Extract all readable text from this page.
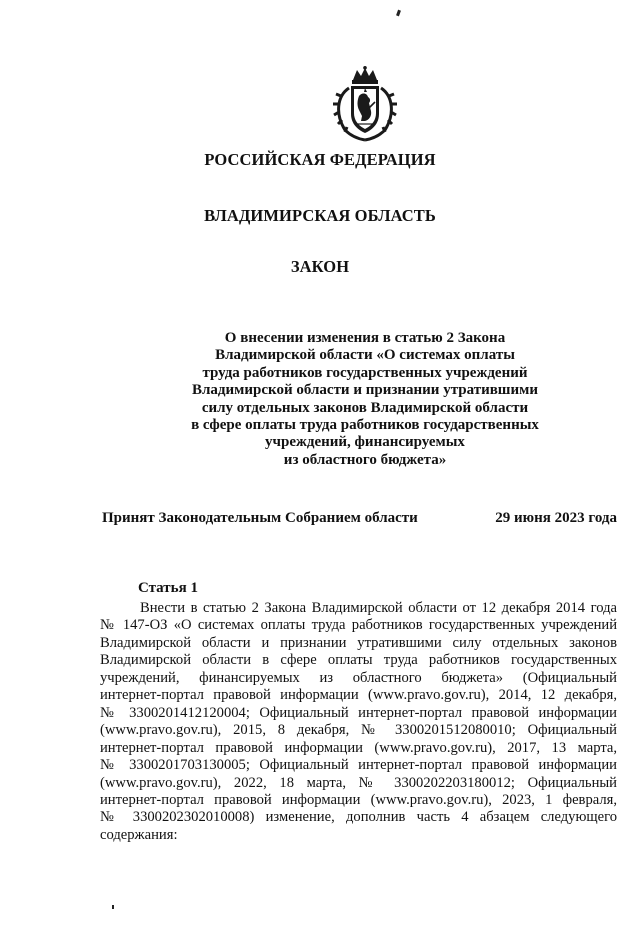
РОССИЙСКАЯ ФЕДЕРАЦИЯ
ВЛАДИМИРСКАЯ ОБЛАСТЬ
ЗАКОН
О внесении изменения в статью 2 Закона
Владимирской области «О системах оплаты
труда работников государственных учреждений
Владимирской области и признании утратившими
силу отдельных законов Владимирской области
в сфере оплаты труда работников государственных
учреждений, финансируемых
из областного бюджета»
Принят Законодательным Собранием области	29 июня 2023 года
Статья 1
Внести в статью 2 Закона Владимирской области от 12 декабря 2014 года
№ 147-ОЗ «О системах оплаты труда работников государственных учреждений
Владимирской области и признании утратившими силу отдельных законов
Владимирской области в сфере оплаты труда работников государственных
учреждений, финансируемых из областного бюджета» (Официальный
интернет-портал правовой информации (www.pravo.gov.ru), 2014, 12 декабря,
№ 3300201412120004; Официальный интернет-портал правовой информации
(www.pravo.gov.ru), 2015, 8 декабря, № 3300201512080010; Официальный
интернет-портал правовой информации (www.pravo.gov.ru), 2017, 13 марта,
№ 3300201703130005; Официальный интернет-портал правовой информации
(www.pravo.gov.ru), 2022, 18 марта, № 3300202203180012; Официальный
интернет-портал правовой информации (www.pravo.gov.ru), 2023, 1 февраля,
№ 3300202302010008) изменение, дополнив часть 4 абзацем следующего
содержания:
